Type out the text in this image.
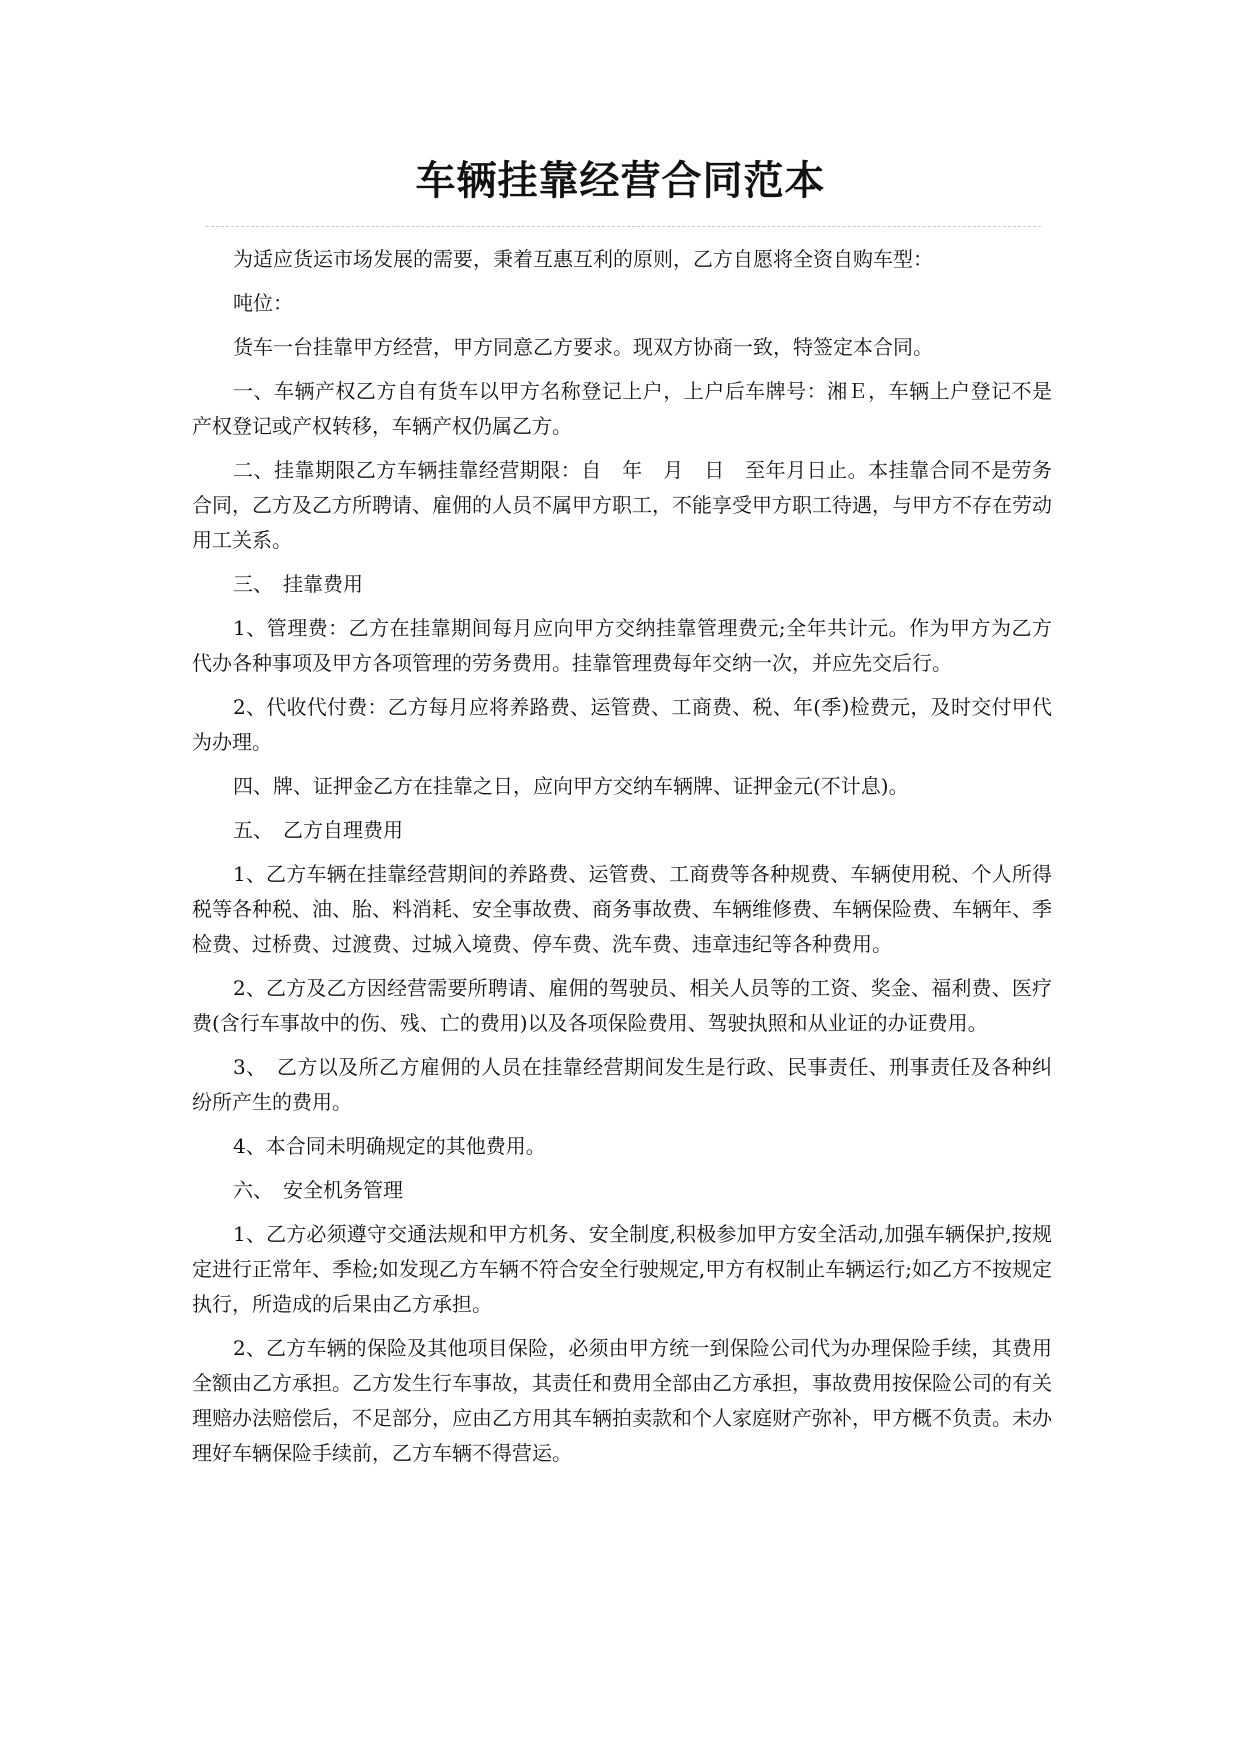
车辆挂靠经营合同范本

为适应货运市场发展的需要，秉着互惠互利的原则，乙方自愿将全资自购车型：

吨位：

货车一台挂靠甲方经营，甲方同意乙方要求。现双方协商一致，特签定本合同。

一、车辆产权乙方自有货车以甲方名称登记上户，上户后车牌号：湘Ｅ，车辆上户登记不是产权登记或产权转移，车辆产权仍属乙方。

二、挂靠期限乙方车辆挂靠经营期限：自　年　月　日　至年月日止。本挂靠合同不是劳务合同，乙方及乙方所聘请、雇佣的人员不属甲方职工，不能享受甲方职工待遇，与甲方不存在劳动用工关系。

三、　挂靠费用

1、管理费：乙方在挂靠期间每月应向甲方交纳挂靠管理费元;全年共计元。作为甲方为乙方代办各种事项及甲方各项管理的劳务费用。挂靠管理费每年交纳一次，并应先交后行。

2、代收代付费：乙方每月应将养路费、运管费、工商费、税、年(季)检费元，及时交付甲代为办理。

四、牌、证押金乙方在挂靠之日，应向甲方交纳车辆牌、证押金元(不计息)。

五、　乙方自理费用

1、乙方车辆在挂靠经营期间的养路费、运管费、工商费等各种规费、车辆使用税、个人所得税等各种税、油、胎、料消耗、安全事故费、商务事故费、车辆维修费、车辆保险费、车辆年、季检费、过桥费、过渡费、过城入境费、停车费、洗车费、违章违纪等各种费用。

2、乙方及乙方因经营需要所聘请、雇佣的驾驶员、相关人员等的工资、奖金、福利费、医疗费(含行车事故中的伤、残、亡的费用)以及各项保险费用、驾驶执照和从业证的办证费用。

3、　乙方以及所乙方雇佣的人员在挂靠经营期间发生是行政、民事责任、刑事责任及各种纠纷所产生的费用。

4、本合同未明确规定的其他费用。

六、　安全机务管理

1、乙方必须遵守交通法规和甲方机务、安全制度,积极参加甲方安全活动,加强车辆保护,按规定进行正常年、季检;如发现乙方车辆不符合安全行驶规定,甲方有权制止车辆运行;如乙方不按规定执行，所造成的后果由乙方承担。

2、乙方车辆的保险及其他项目保险，必须由甲方统一到保险公司代为办理保险手续，其费用全额由乙方承担。乙方发生行车事故，其责任和费用全部由乙方承担，事故费用按保险公司的有关理赔办法赔偿后，不足部分，应由乙方用其车辆拍卖款和个人家庭财产弥补，甲方概不负责。未办理好车辆保险手续前，乙方车辆不得营运。
